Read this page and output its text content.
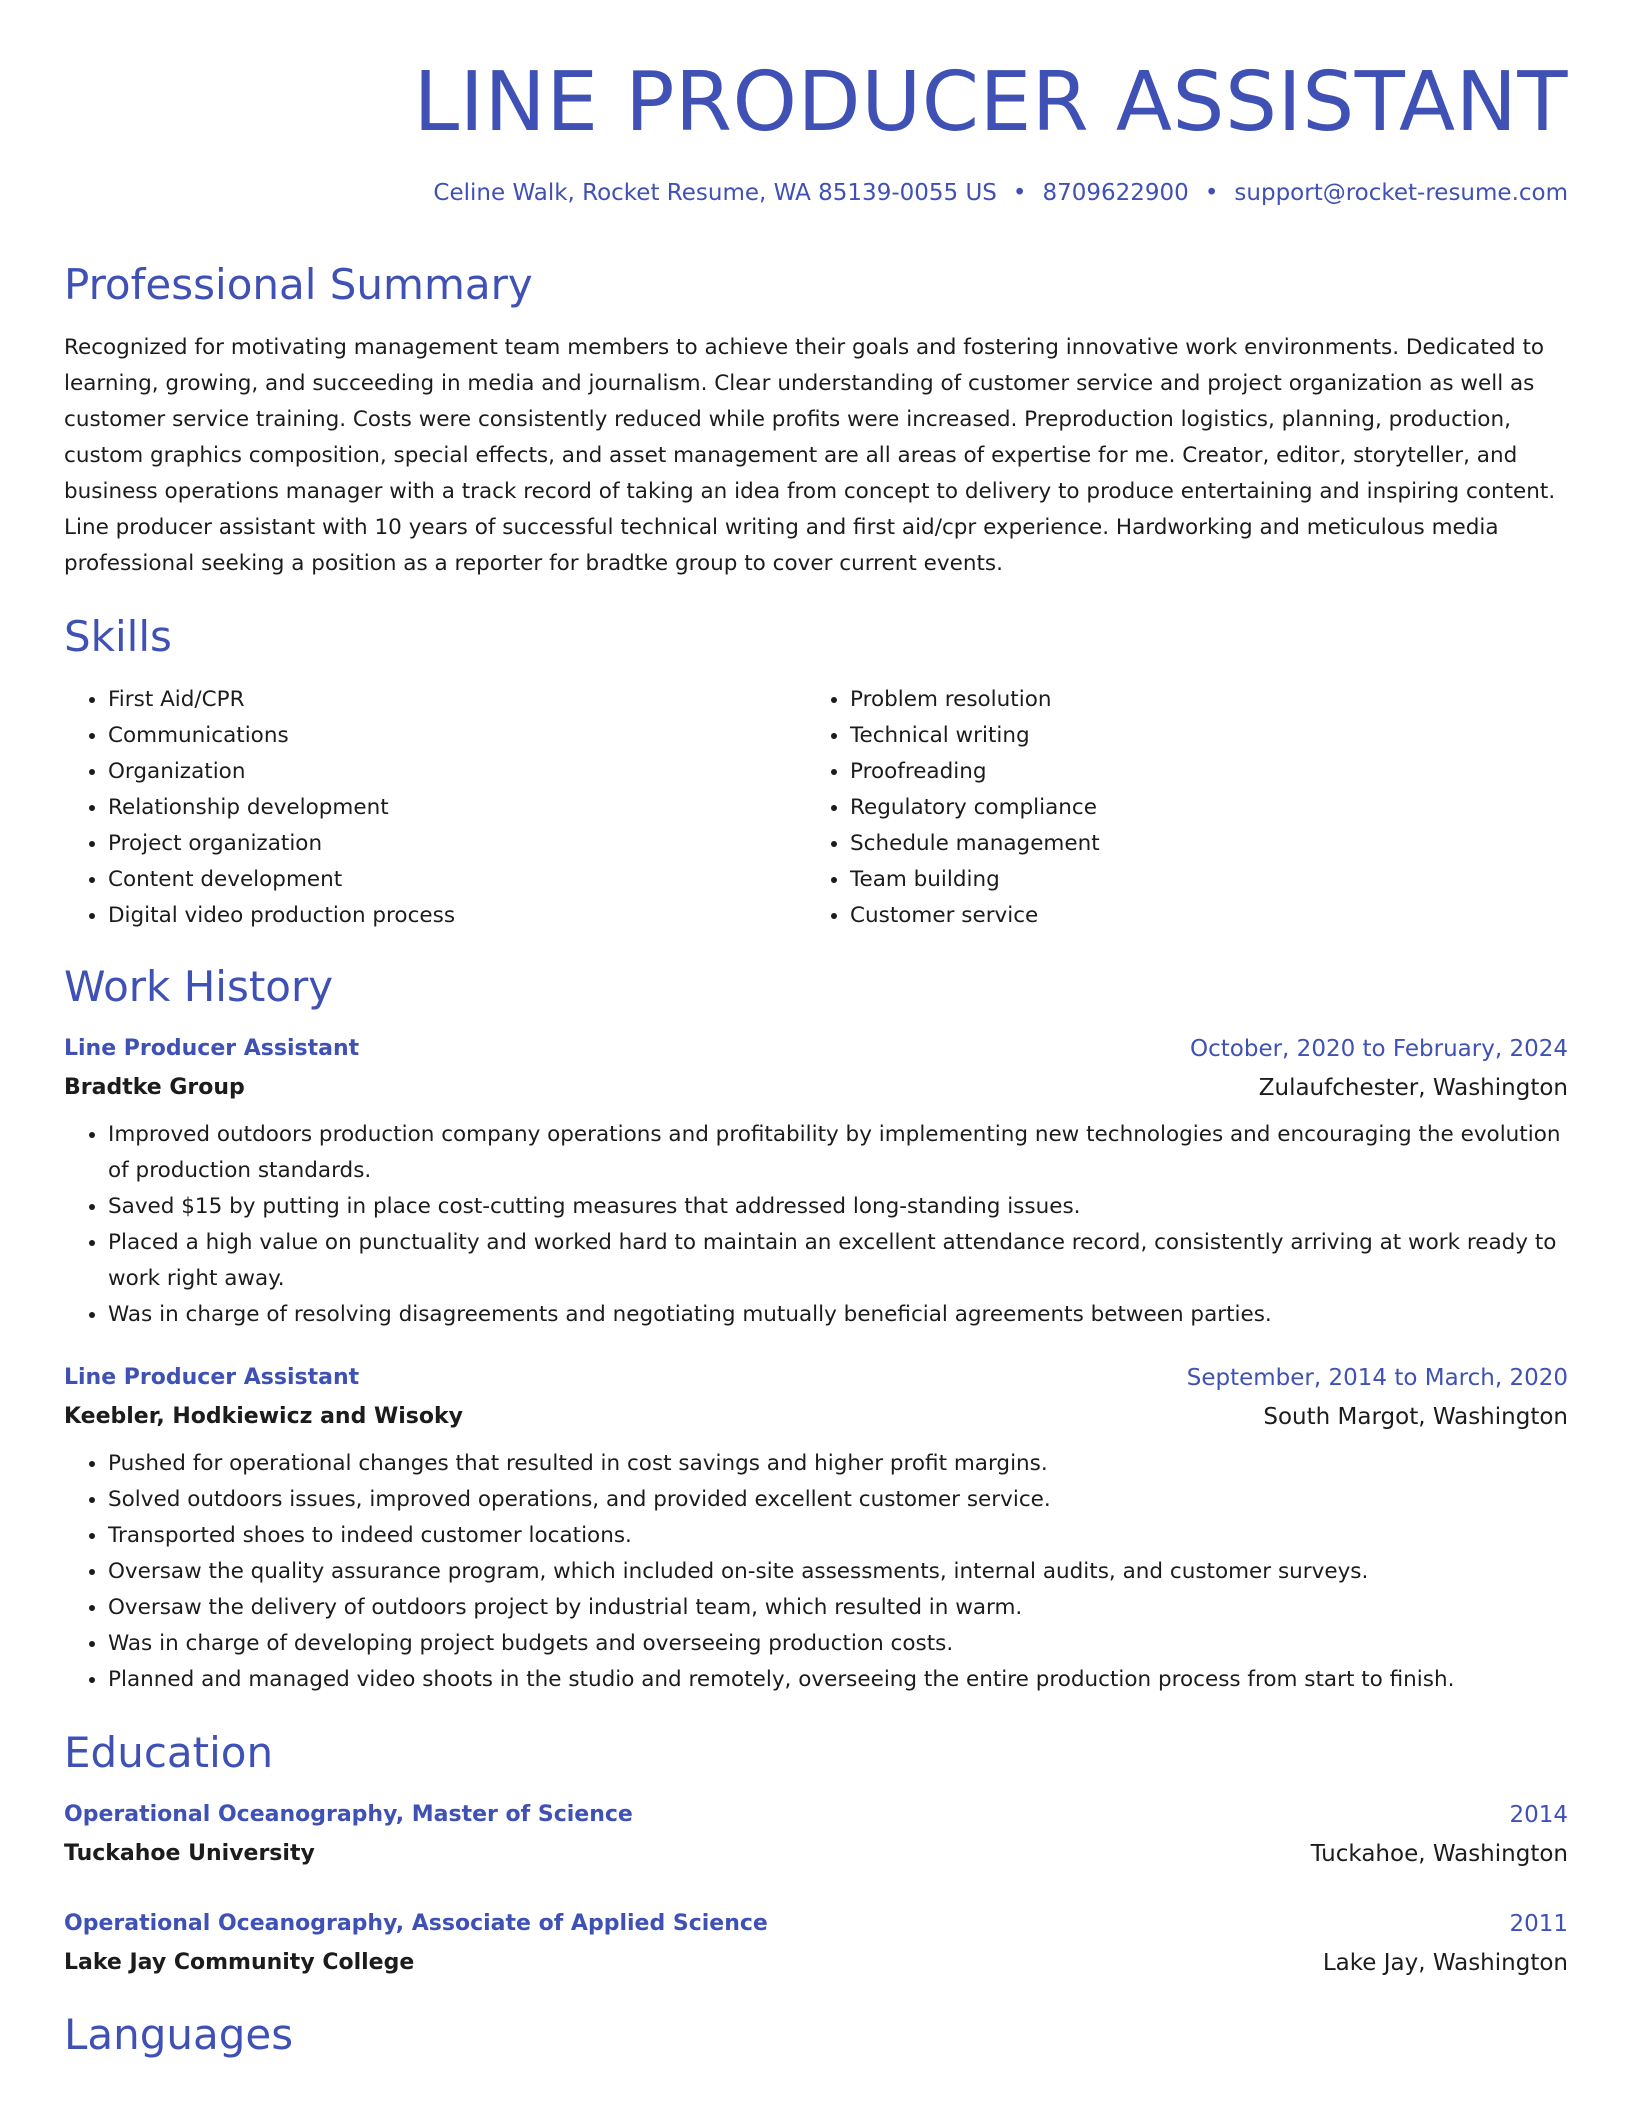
LINE PRODUCER ASSISTANT
Celine Walk, Rocket Resume, WA 85139-0055 US • 8709622900 • support@rocket-resume.com
Professional Summary
Recognized for motivating management team members to achieve their goals and fostering innovative work environments. Dedicated to learning, growing, and succeeding in media and journalism. Clear understanding of customer service and project organization as well as customer service training. Costs were consistently reduced while profits were increased. Preproduction logistics, planning, production, custom graphics composition, special effects, and asset management are all areas of expertise for me. Creator, editor, storyteller, and business operations manager with a track record of taking an idea from concept to delivery to produce entertaining and inspiring content. Line producer assistant with 10 years of successful technical writing and first aid/cpr experience. Hardworking and meticulous media professional seeking a position as a reporter for bradtke group to cover current events.
Skills
• First Aid/CPR
• Communications
• Organization
• Relationship development
• Project organization
• Content development
• Digital video production process
• Problem resolution
• Technical writing
• Proofreading
• Regulatory compliance
• Schedule management
• Team building
• Customer service
Work History
Line Producer Assistant	October, 2020 to February, 2024
Bradtke Group	Zulaufchester, Washington
• Improved outdoors production company operations and profitability by implementing new technologies and encouraging the evolution of production standards.
• Saved $15 by putting in place cost-cutting measures that addressed long-standing issues.
• Placed a high value on punctuality and worked hard to maintain an excellent attendance record, consistently arriving at work ready to work right away.
• Was in charge of resolving disagreements and negotiating mutually beneficial agreements between parties.
Line Producer Assistant	September, 2014 to March, 2020
Keebler, Hodkiewicz and Wisoky	South Margot, Washington
• Pushed for operational changes that resulted in cost savings and higher profit margins.
• Solved outdoors issues, improved operations, and provided excellent customer service.
• Transported shoes to indeed customer locations.
• Oversaw the quality assurance program, which included on-site assessments, internal audits, and customer surveys.
• Oversaw the delivery of outdoors project by industrial team, which resulted in warm.
• Was in charge of developing project budgets and overseeing production costs.
• Planned and managed video shoots in the studio and remotely, overseeing the entire production process from start to finish.
Education
Operational Oceanography, Master of Science	2014
Tuckahoe University	Tuckahoe, Washington
Operational Oceanography, Associate of Applied Science	2011
Lake Jay Community College	Lake Jay, Washington
Languages
